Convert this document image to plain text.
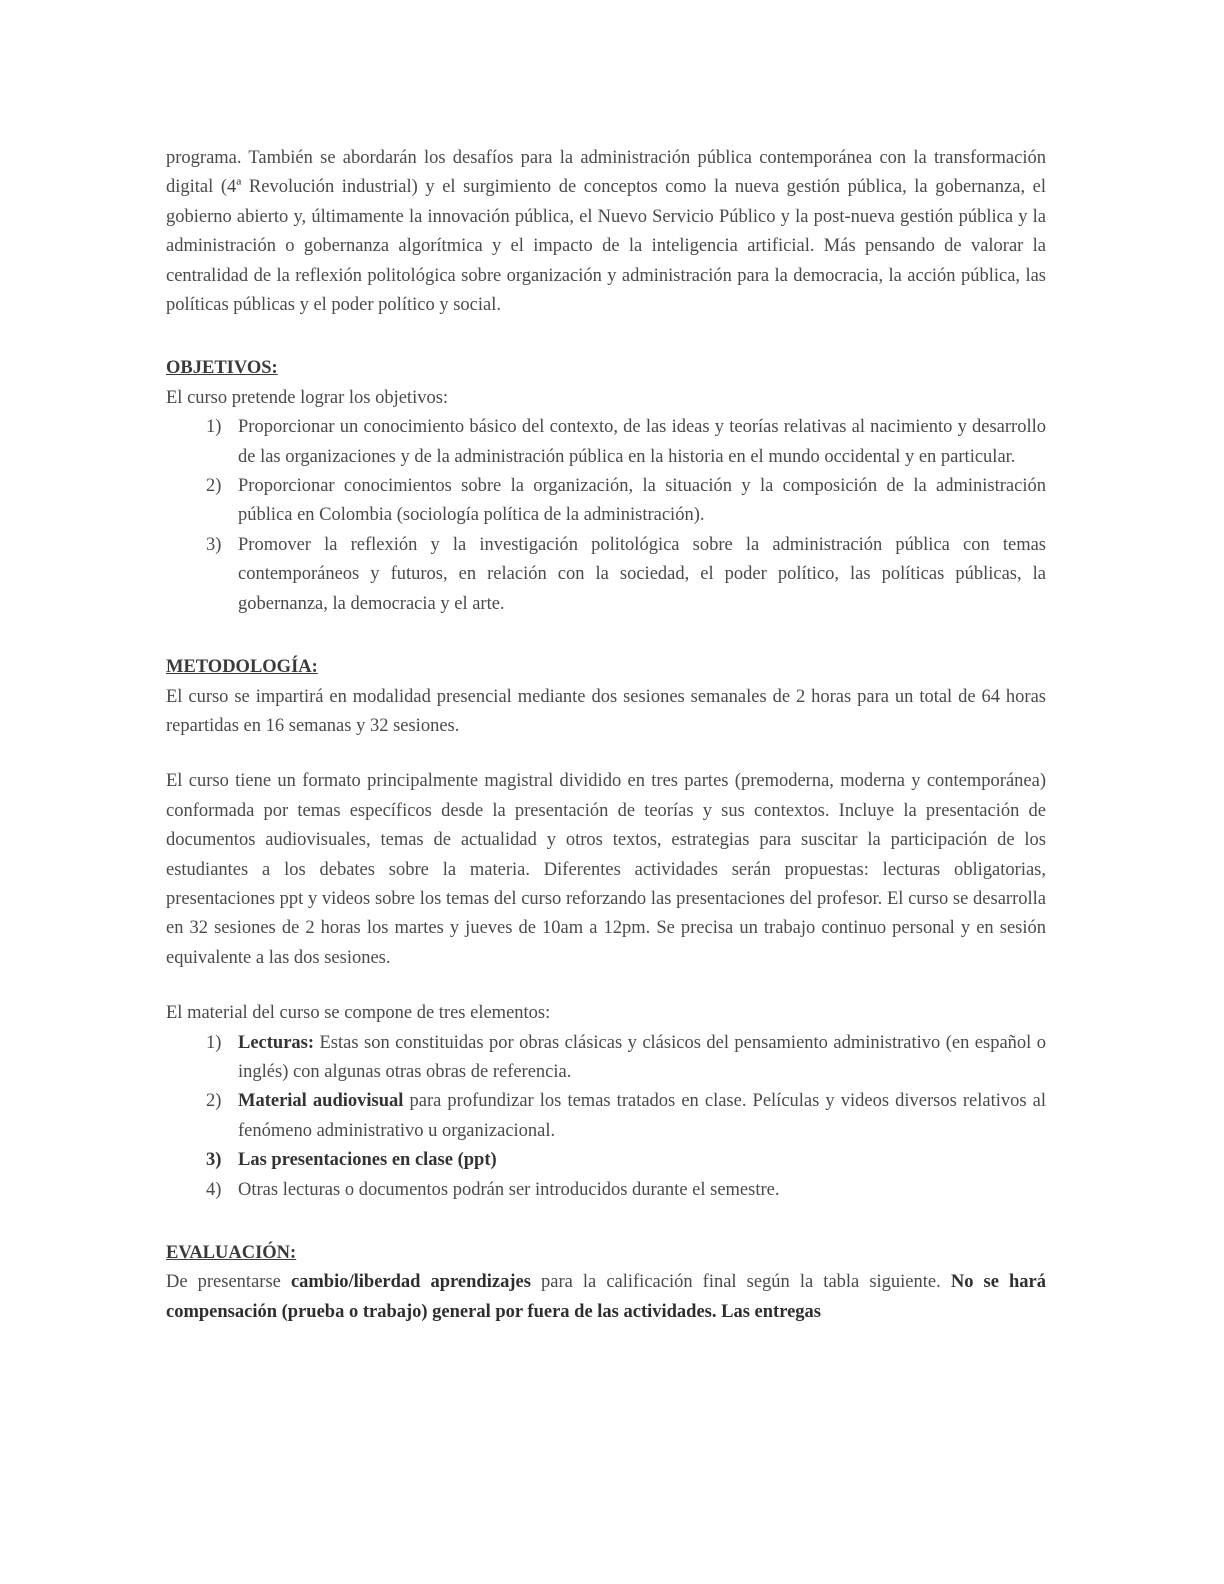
programa. También se abordarán los desafíos para la administración pública contemporánea con la transformación digital (4ª Revolución industrial) y el surgimiento de conceptos como la nueva gestión pública, la gobernanza, el gobierno abierto y, últimamente la innovación pública, el Nuevo Servicio Público y la post-nueva gestión pública y la administración o gobernanza algorítmica y el impacto de la inteligencia artificial. Más pensando de valorar la centralidad de la reflexión politológica sobre organización y administración para la democracia, la acción pública, las políticas públicas y el poder político y social.

OBJETIVOS:

El curso pretende lograr los objetivos:

1) Proporcionar un conocimiento básico del contexto, de las ideas y teorías relativas al nacimiento y desarrollo de las organizaciones y de la administración pública en la historia en el mundo occidental y en particular.
2) Proporcionar conocimientos sobre la organización, la situación y la composición de la administración pública en Colombia (sociología política de la administración).
3) Promover la reflexión y la investigación politológica sobre la administración pública con temas contemporáneos y futuros, en relación con la sociedad, el poder político, las políticas públicas, la gobernanza, la democracia y el arte.

METODOLOGÍA:

El curso se impartirá en modalidad presencial mediante dos sesiones semanales de 2 horas para un total de 64 horas repartidas en 16 semanas y 32 sesiones.

El curso tiene un formato principalmente magistral dividido en tres partes (premoderna, moderna y contemporánea) conformada por temas específicos desde la presentación de teorías y sus contextos. Incluye la presentación de documentos audiovisuales, temas de actualidad y otros textos, estrategias para suscitar la participación de los estudiantes a los debates sobre la materia. Diferentes actividades serán propuestas: lecturas obligatorias, presentaciones ppt y videos sobre los temas del curso reforzando las presentaciones del profesor. El curso se desarrolla en 32 sesiones de 2 horas los martes y jueves de 10am a 12pm. Se precisa un trabajo continuo personal y en sesión equivalente a las dos sesiones.

El material del curso se compone de tres elementos:

1) Lecturas: Estas son constituidas por obras clásicas y clásicos del pensamiento administrativo (en español o inglés) con algunas otras obras de referencia.
2) Material audiovisual para profundizar los temas tratados en clase. Películas y videos diversos relativos al fenómeno administrativo u organizacional.
3) Las presentaciones en clase (ppt)
4) Otras lecturas o documentos podrán ser introducidos durante el semestre.

EVALUACIÓN:

De presentarse cambio/liberdad aprendizajes para la calificación final según la tabla siguiente. No se hará compensación (prueba o trabajo) general por fuera de las actividades. Las entregas
